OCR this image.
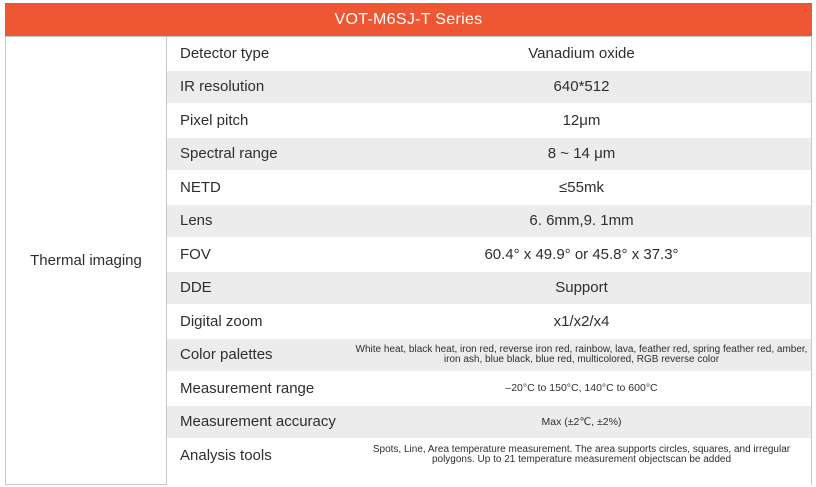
VOT-M6SJ-T Series
Thermal imaging
Detector type	Vanadium oxide
IR resolution	640*512
Pixel pitch	12μm
Spectral range	8 ~ 14 μm
NETD	≤55mk
Lens	6. 6mm,9. 1mm
FOV	60.4° x 49.9° or 45.8° x 37.3°
DDE	Support
Digital zoom	x1/x2/x4
Color palettes	White heat, black heat, iron red, reverse iron red, rainbow, lava, feather red, spring feather red, amber, iron ash, blue black, blue red, multicolored, RGB reverse color
Measurement range	–20°C to 150°C, 140°C to 600°C
Measurement accuracy	Max (±2℃, ±2%)
Analysis tools	Spots, Line, Area temperature measurement. The area supports circles, squares, and irregular polygons. Up to 21 temperature measurement objectscan be added
